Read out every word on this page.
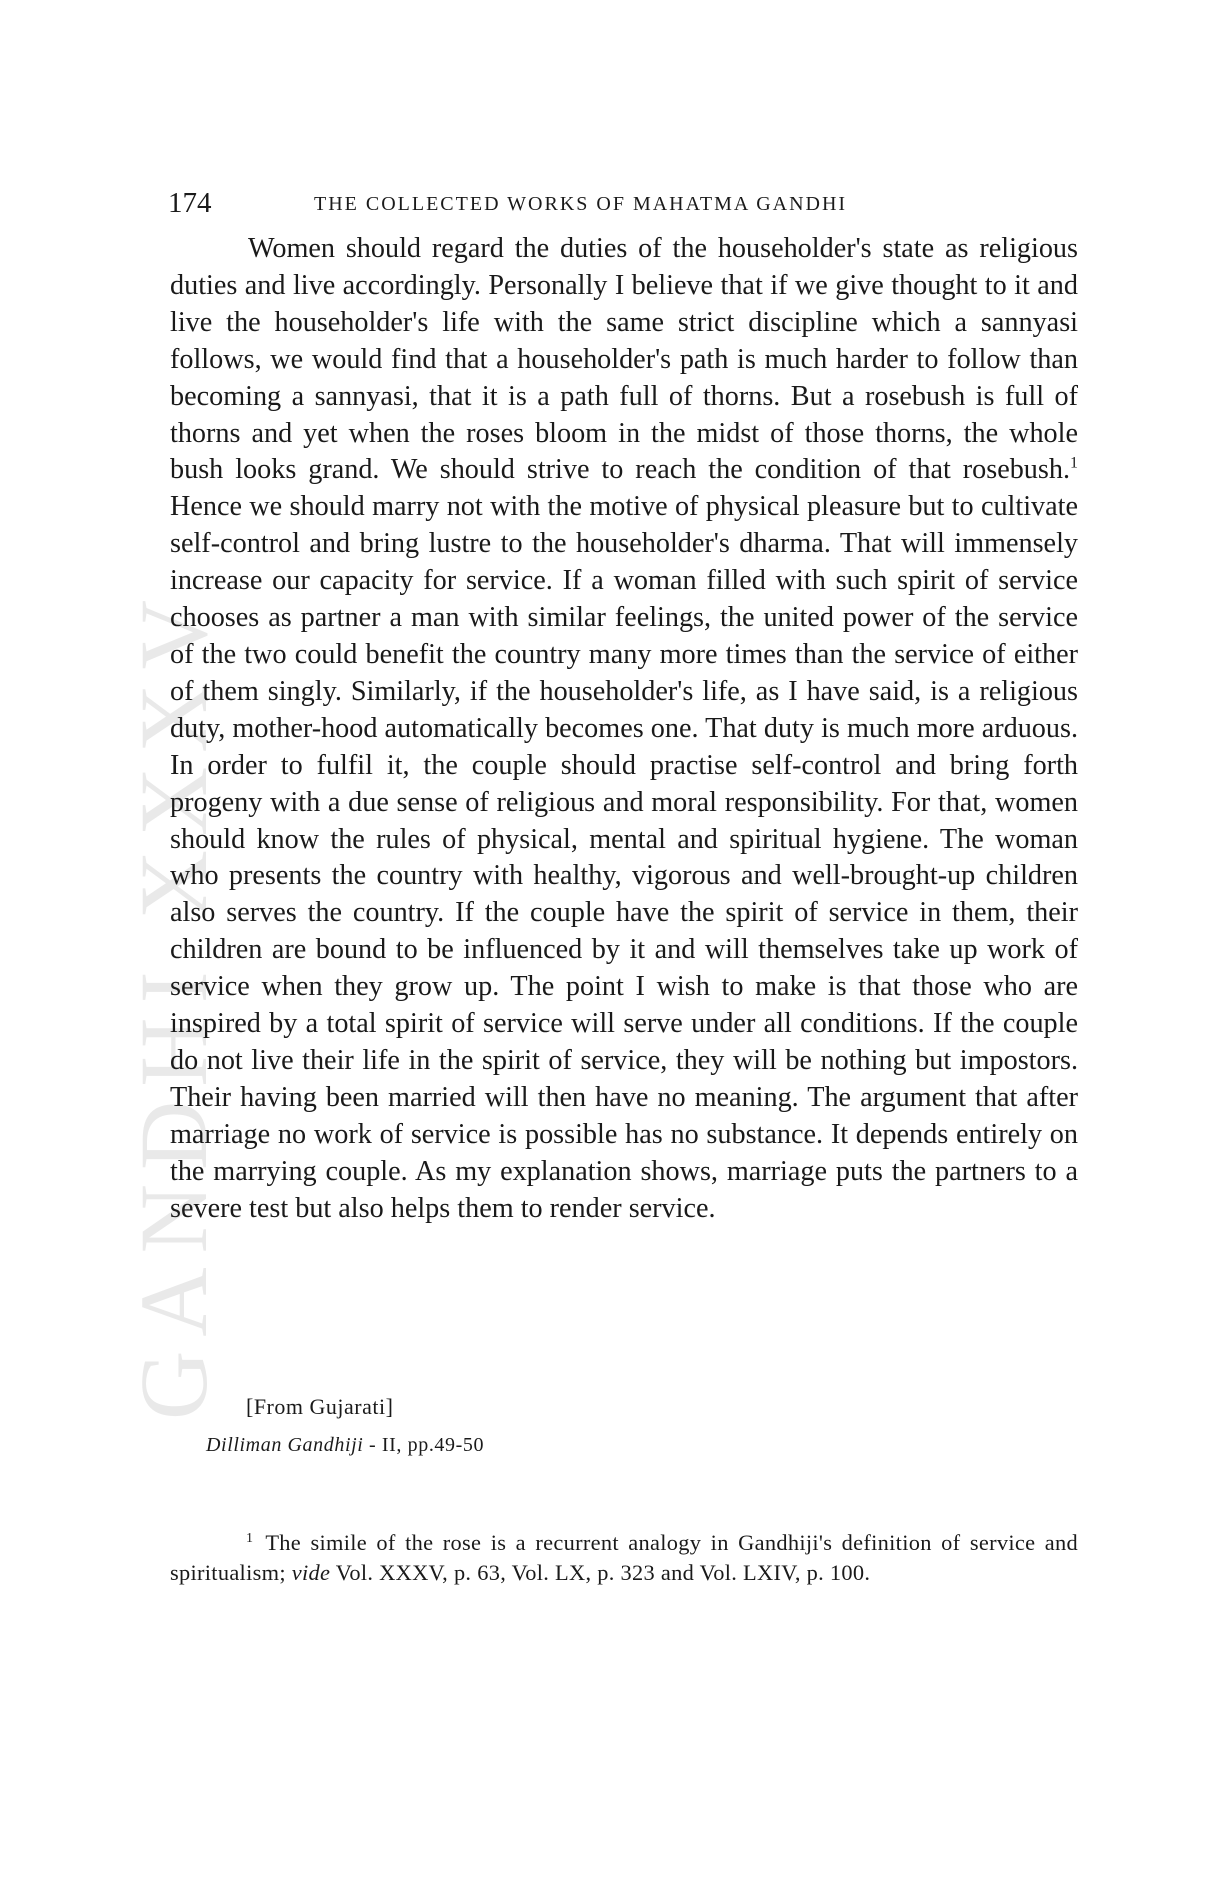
GANDHI XXXV
174	THE COLLECTED WORKS OF MAHATMA GANDHI

Women should regard the duties of the householder's state as religious duties and live accordingly. Personally I believe that if we give thought to it and live the householder's life with the same strict discipline which a sannyasi follows, we would find that a householder's path is much harder to follow than becoming a sannyasi, that it is a path full of thorns. But a rosebush is full of thorns and yet when the roses bloom in the midst of those thorns, the whole bush looks grand. We should strive to reach the condition of that rosebush.$^1$ Hence we should marry not with the motive of physical pleasure but to cultivate self-control and bring lustre to the householder's dharma. That will immensely increase our capacity for service. If a woman filled with such spirit of service chooses as partner a man with similar feelings, the united power of the service of the two could benefit the country many more times than the service of either of them singly. Similarly, if the householder's life, as I have said, is a religious duty, mother-hood automatically becomes one. That duty is much more arduous. In order to fulfil it, the couple should practise self-control and bring forth progeny with a due sense of religious and moral responsibility. For that, women should know the rules of physical, mental and spiritual hygiene. The woman who presents the country with healthy, vigorous and well-brought-up children also serves the country. If the couple have the spirit of service in them, their children are bound to be influenced by it and will themselves take up work of service when they grow up. The point I wish to make is that those who are inspired by a total spirit of service will serve under all conditions. If the couple do not live their life in the spirit of service, they will be nothing but impostors. Their having been married will then have no meaning. The argument that after marriage no work of service is possible has no substance. It depends entirely on the marrying couple. As my explanation shows, marriage puts the partners to a severe test but also helps them to render service.

[From Gujarati]
Dilliman Gandhiji - II, pp.49-50

1 The simile of the rose is a recurrent analogy in Gandhiji's definition of service and spiritualism; vide Vol. XXXV, p. 63, Vol. LX, p. 323 and Vol. LXIV, p. 100.
